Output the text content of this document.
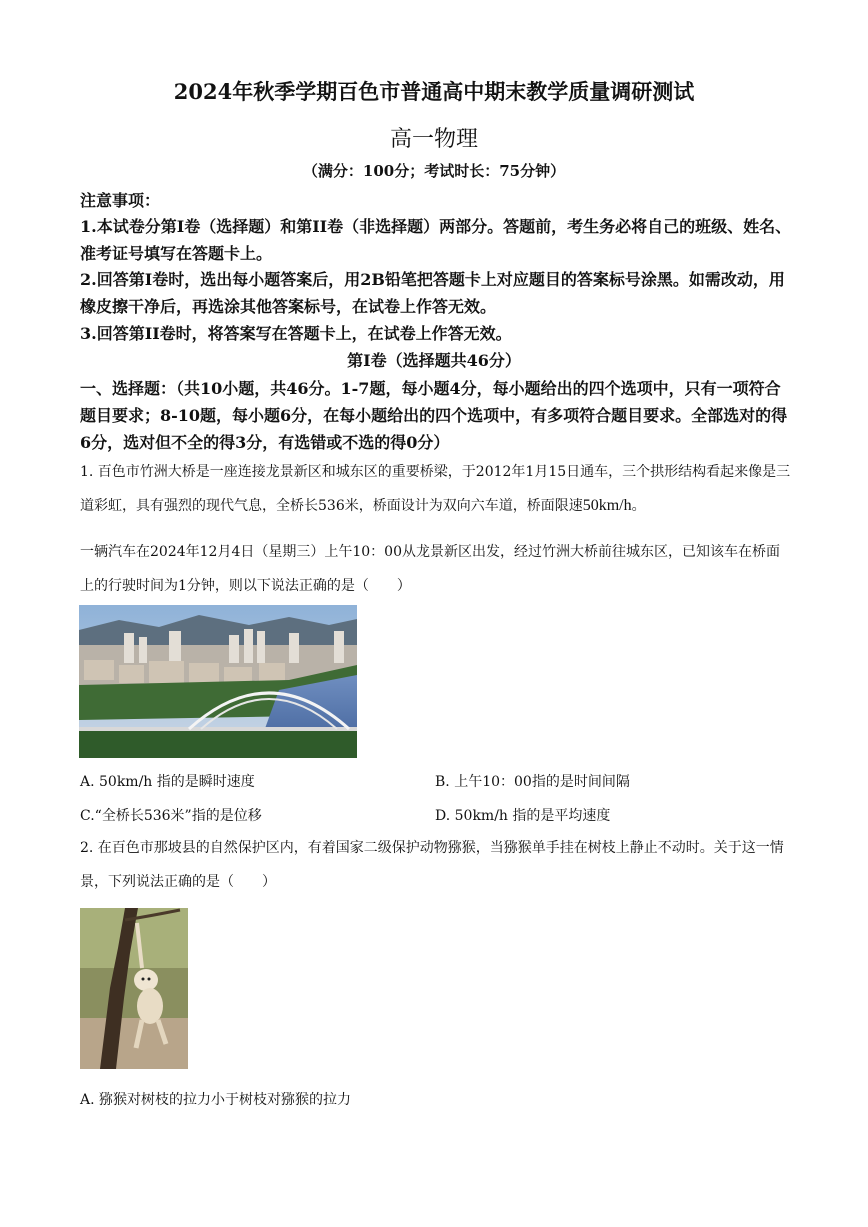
2024年秋季学期百色市普通高中期末教学质量调研测试
高一物理
（满分：100分；考试时长：75分钟）
注意事项：
1.本试卷分第I卷（选择题）和第II卷（非选择题）两部分。答题前，考生务必将自己的班级、姓名、准考证号填写在答题卡上。
2.回答第I卷时，选出每小题答案后，用2B铅笔把答题卡上对应题目的答案标号涂黑。如需改动，用橡皮擦干净后，再选涂其他答案标号，在试卷上作答无效。
3.回答第II卷时，将答案写在答题卡上，在试卷上作答无效。
第I卷（选择题共46分）
一、选择题：（共10小题，共46分。1-7题，每小题4分，每小题给出的四个选项中，只有一项符合题目要求；8-10题，每小题6分，在每小题给出的四个选项中，有多项符合题目要求。全部选对的得6分，选对但不全的得3分，有选错或不选的得0分）
1. 百色市竹洲大桥是一座连接龙景新区和城东区的重要桥梁，于2012年1月15日通车，三个拱形结构看起来像是三道彩虹，具有强烈的现代气息，全桥长536米，桥面设计为双向六车道，桥面限速50km/h。
一辆汽车在2024年12月4日（星期三）上午10：00从龙景新区出发，经过竹洲大桥前往城东区，已知该车在桥面上的行驶时间为1分钟，则以下说法正确的是（　　）
A. 50km/h 指的是瞬时速度	B. 上午10：00指的是时间间隔
C.“全桥长536米”指的是位移	D. 50km/h 指的是平均速度
2. 在百色市那坡县的自然保护区内，有着国家二级保护动物猕猴，当猕猴单手挂在树枝上静止不动时。关于这一情景，下列说法正确的是（　　）
A. 猕猴对树枝的拉力小于树枝对猕猴的拉力
